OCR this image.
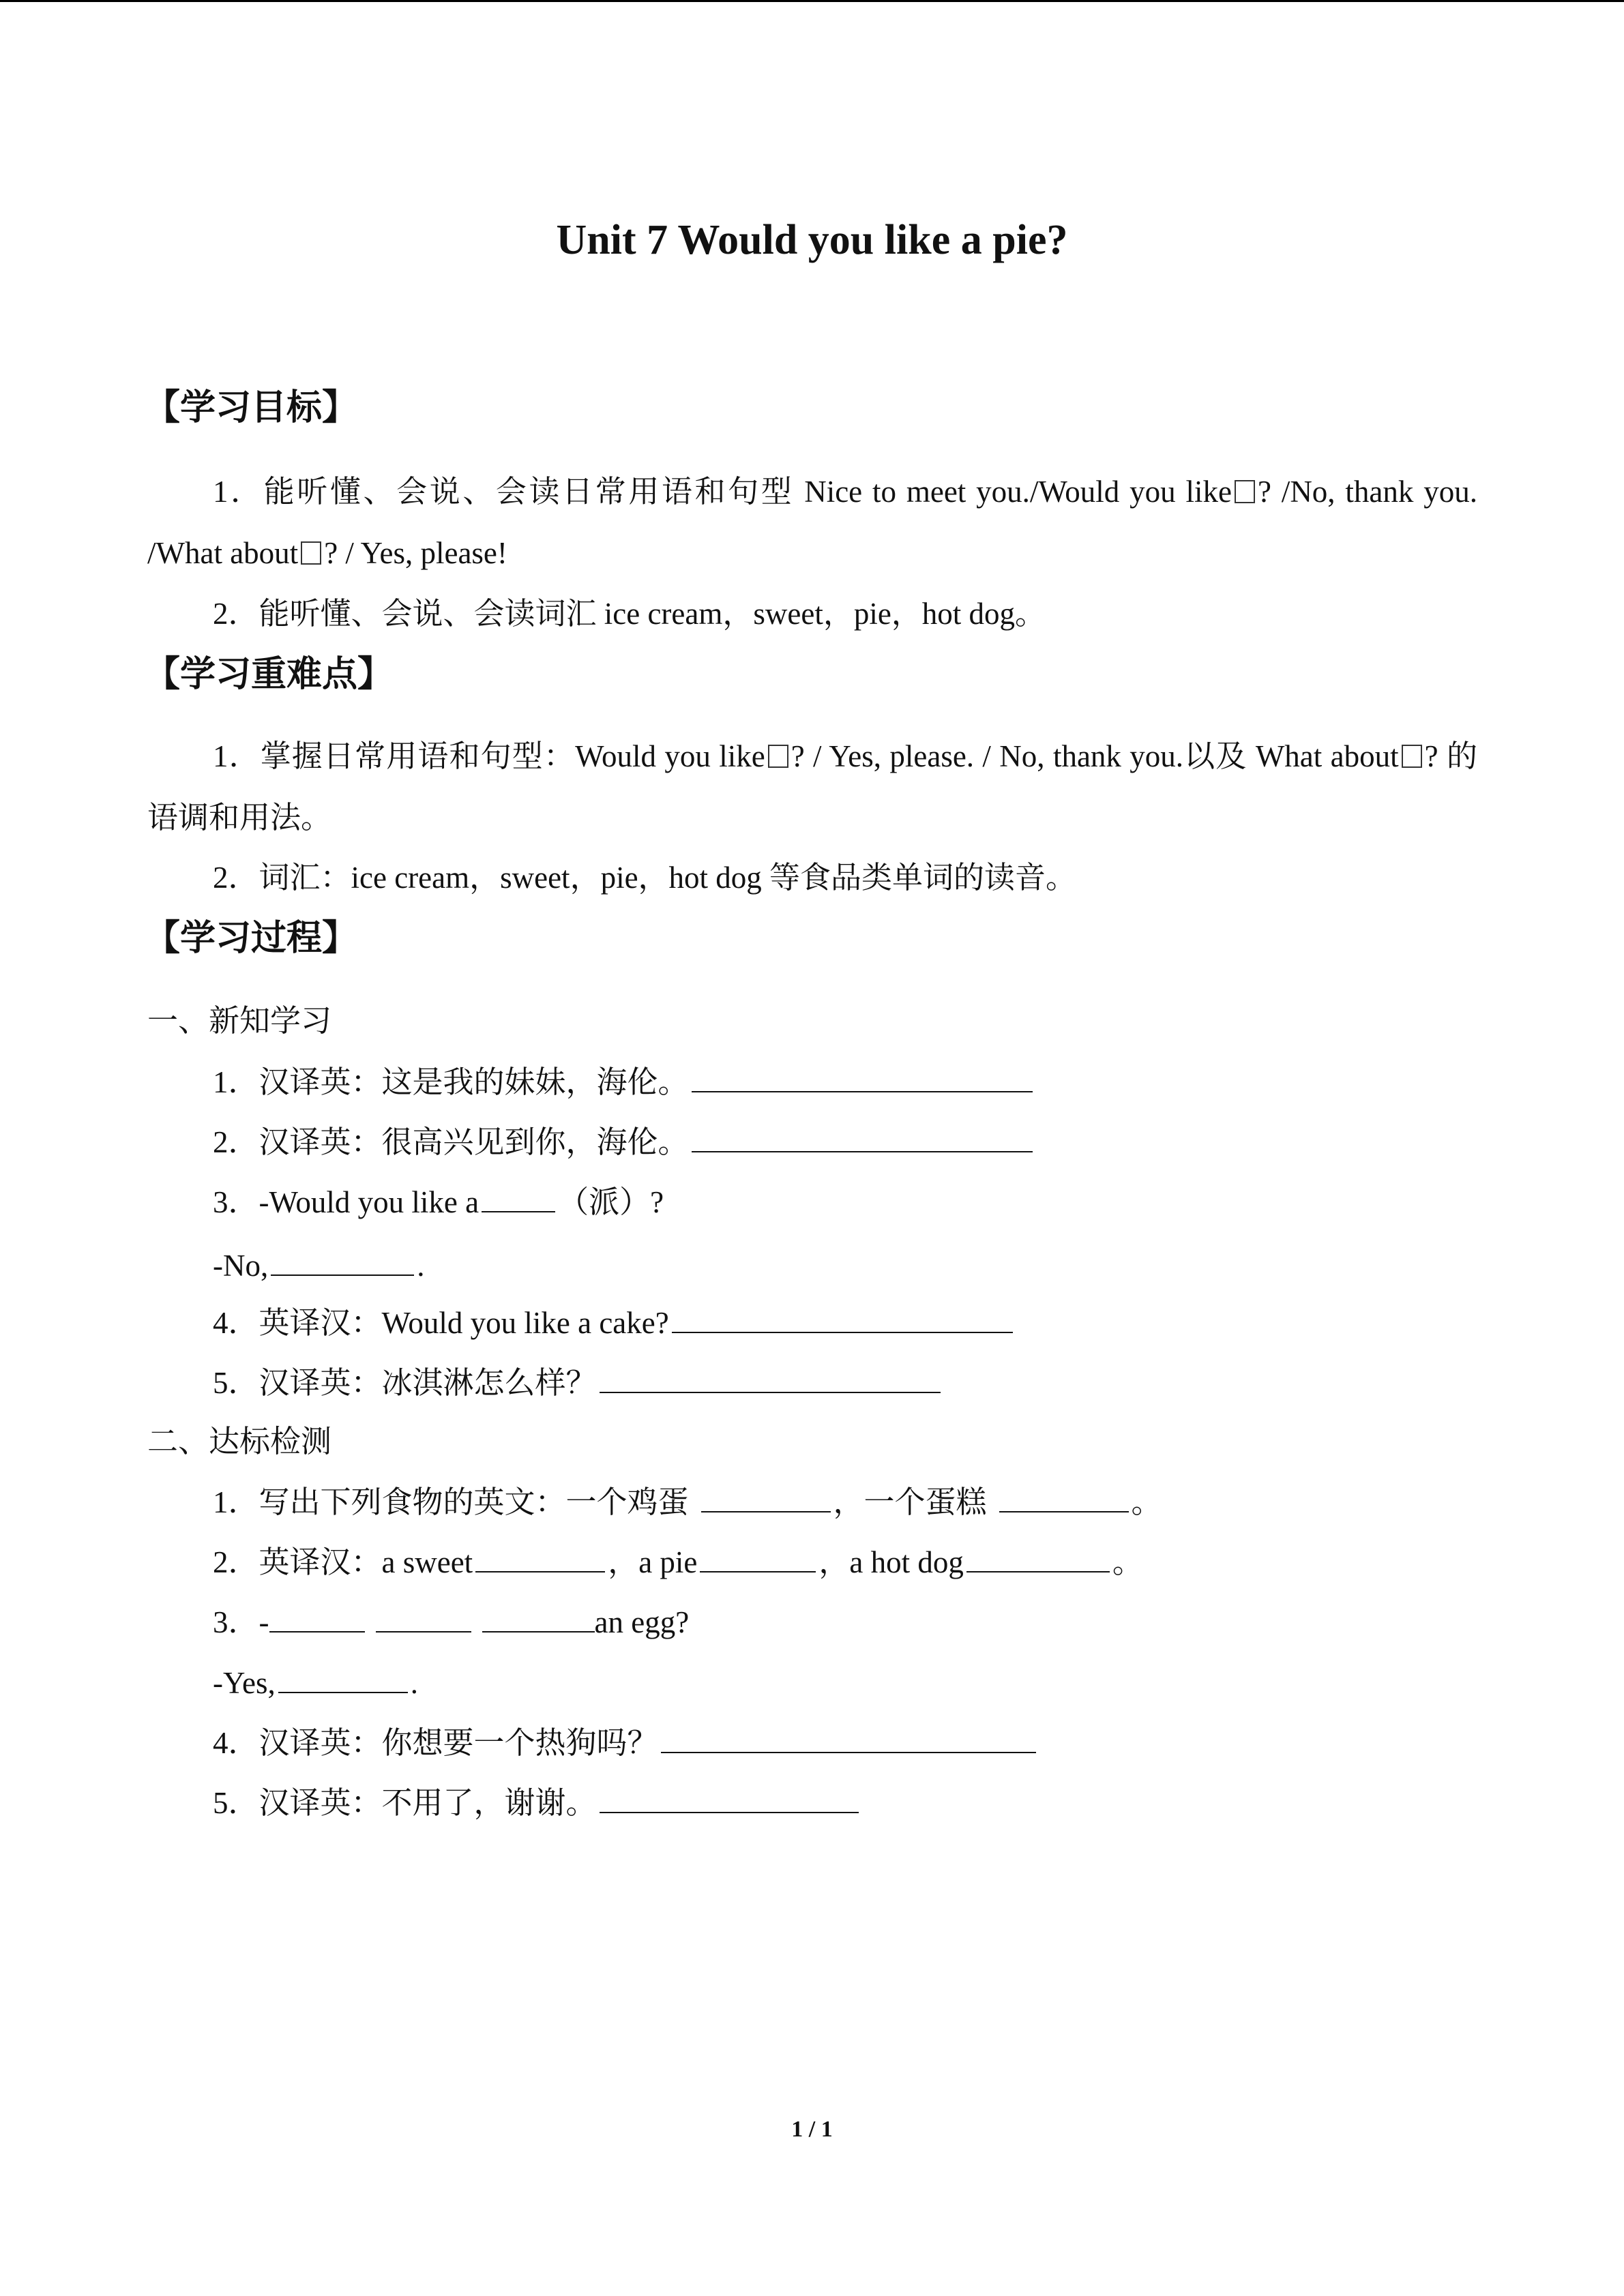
Unit 7 Would you like a pie?
【学习目标】
1．能听懂、会说、会读日常用语和句型 Nice to meet you./Would you like ? /No, thank you. /What about ? / Yes, please!
2．能听懂、会说、会读词汇 ice cream，sweet，pie，hot dog。
【学习重难点】
1．掌握日常用语和句型：Would you like ? / Yes, please. / No, thank you.以及 What about ? 的语调和用法。
2．词汇：ice cream，sweet，pie，hot dog 等食品类单词的读音。
【学习过程】
一、新知学习
1．汉译英：这是我的妹妹，海伦。
2．汉译英：很高兴见到你，海伦。
3．-Would you like a	（派）?
-No,	.
4．英译汉：Would you like a cake?
5．汉译英：冰淇淋怎么样？
二、达标检测
1．写出下列食物的英文：一个鸡蛋	，一个蛋糕	。
2．英译汉：a sweet	，a pie	，a hot dog	。
3．-	an egg?
-Yes,	.
4．汉译英：你想要一个热狗吗？
5．汉译英：不用了，谢谢。
1 / 1
